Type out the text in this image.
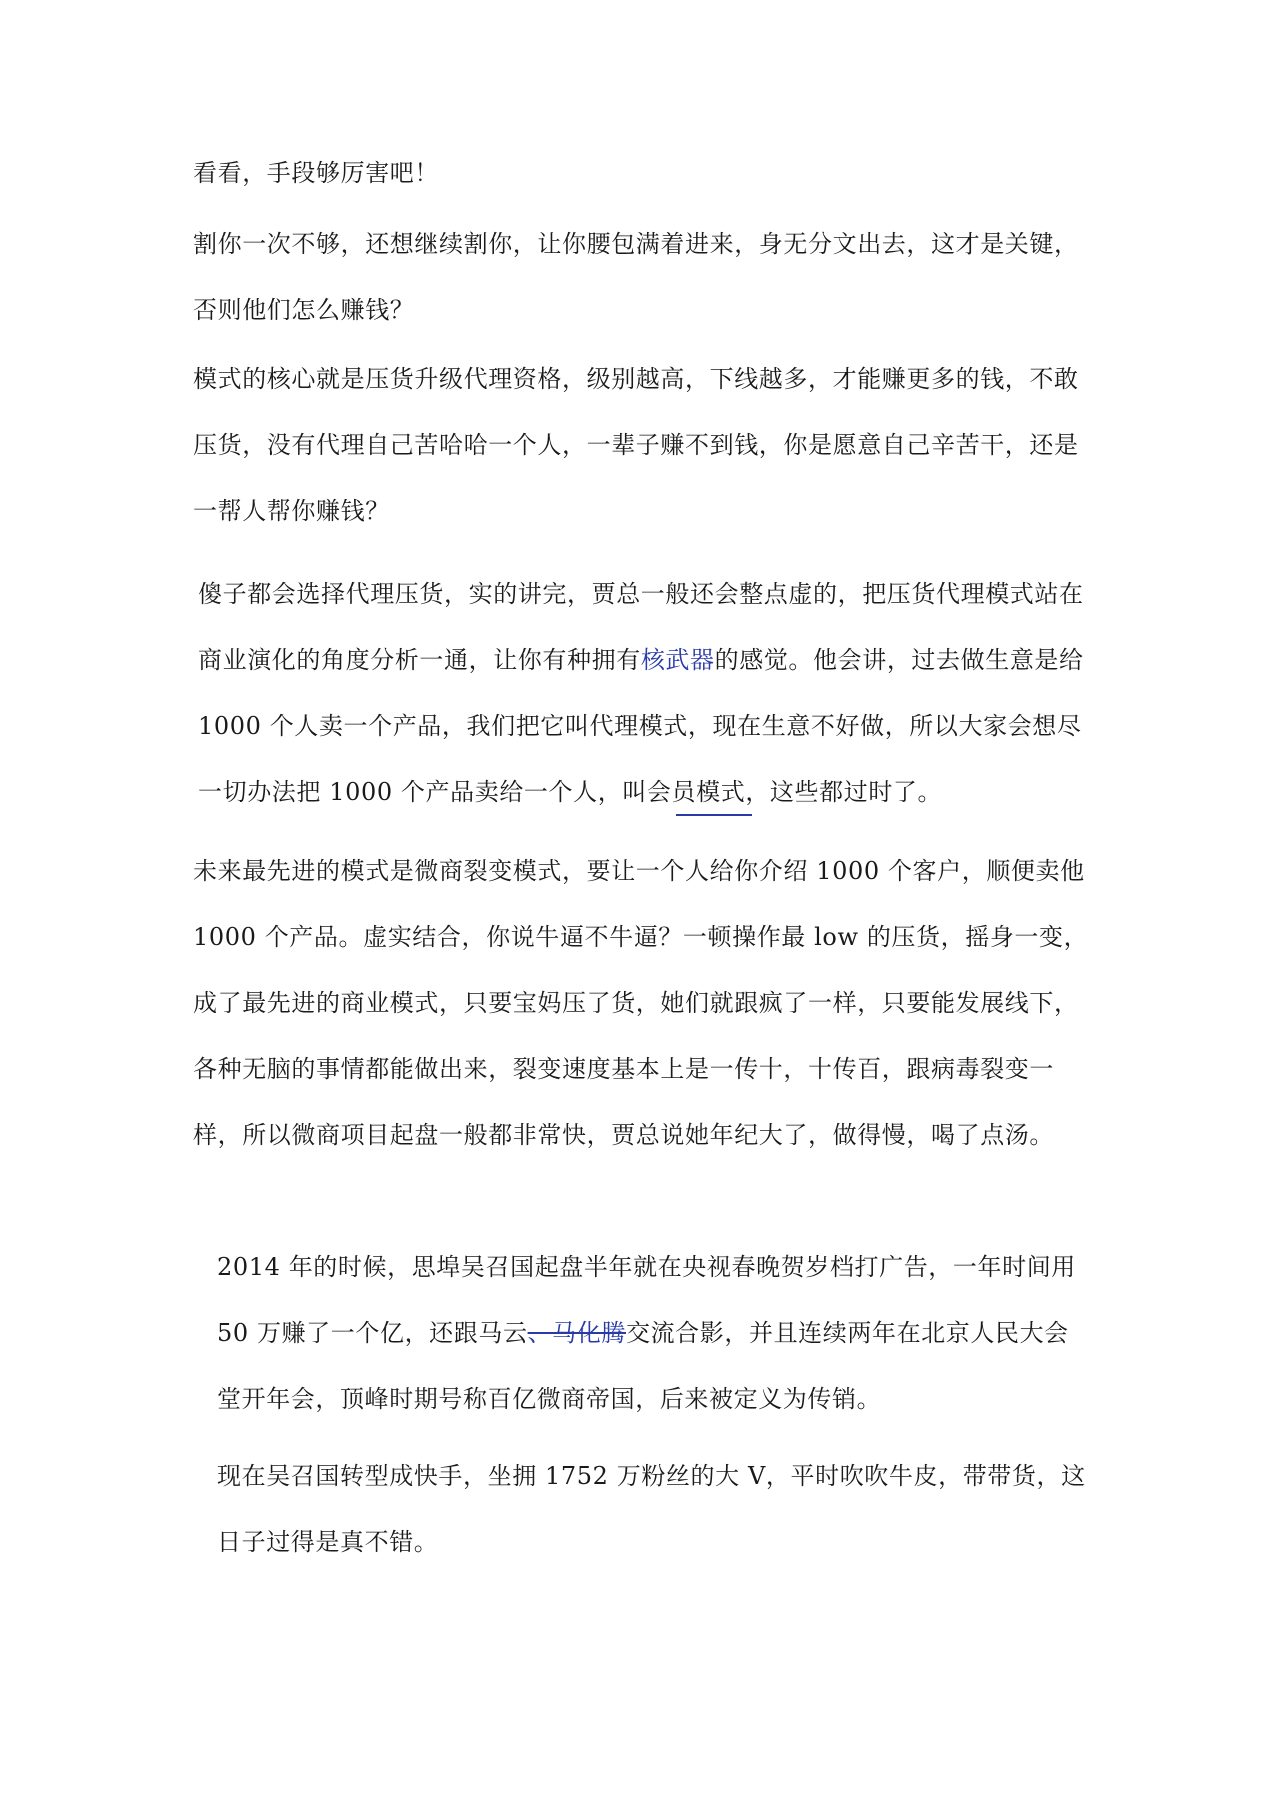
看看，手段够厉害吧！

割你一次不够，还想继续割你，让你腰包满着进来，身无分文出去，这才是关键，否则他们怎么赚钱？

模式的核心就是压货升级代理资格，级别越高，下线越多，才能赚更多的钱，不敢压货，没有代理自己苦哈哈一个人，一辈子赚不到钱，你是愿意自己辛苦干，还是一帮人帮你赚钱？

傻子都会选择代理压货，实的讲完，贾总一般还会整点虚的，把压货代理模式站在商业演化的角度分析一通，让你有种拥有核武器的感觉。他会讲，过去做生意是给 1000 个人卖一个产品，我们把它叫代理模式，现在生意不好做，所以大家会想尽一切办法把 1000 个产品卖给一个人，叫会员模式，这些都过时了。

未来最先进的模式是微商裂变模式，要让一个人给你介绍 1000 个客户，顺便卖他 1000 个产品。虚实结合，你说牛逼不牛逼？一顿操作最 low 的压货，摇身一变，成了最先进的商业模式，只要宝妈压了货，她们就跟疯了一样，只要能发展线下，各种无脑的事情都能做出来，裂变速度基本上是一传十，十传百，跟病毒裂变一样，所以微商项目起盘一般都非常快，贾总说她年纪大了，做得慢，喝了点汤。

2014 年的时候，思埠吴召国起盘半年就在央视春晚贺岁档打广告，一年时间用 50 万赚了一个亿，还跟马云、马化腾交流合影，并且连续两年在北京人民大会堂开年会，顶峰时期号称百亿微商帝国，后来被定义为传销。

现在吴召国转型成快手，坐拥 1752 万粉丝的大 V，平时吹吹牛皮，带带货，这日子过得是真不错。
